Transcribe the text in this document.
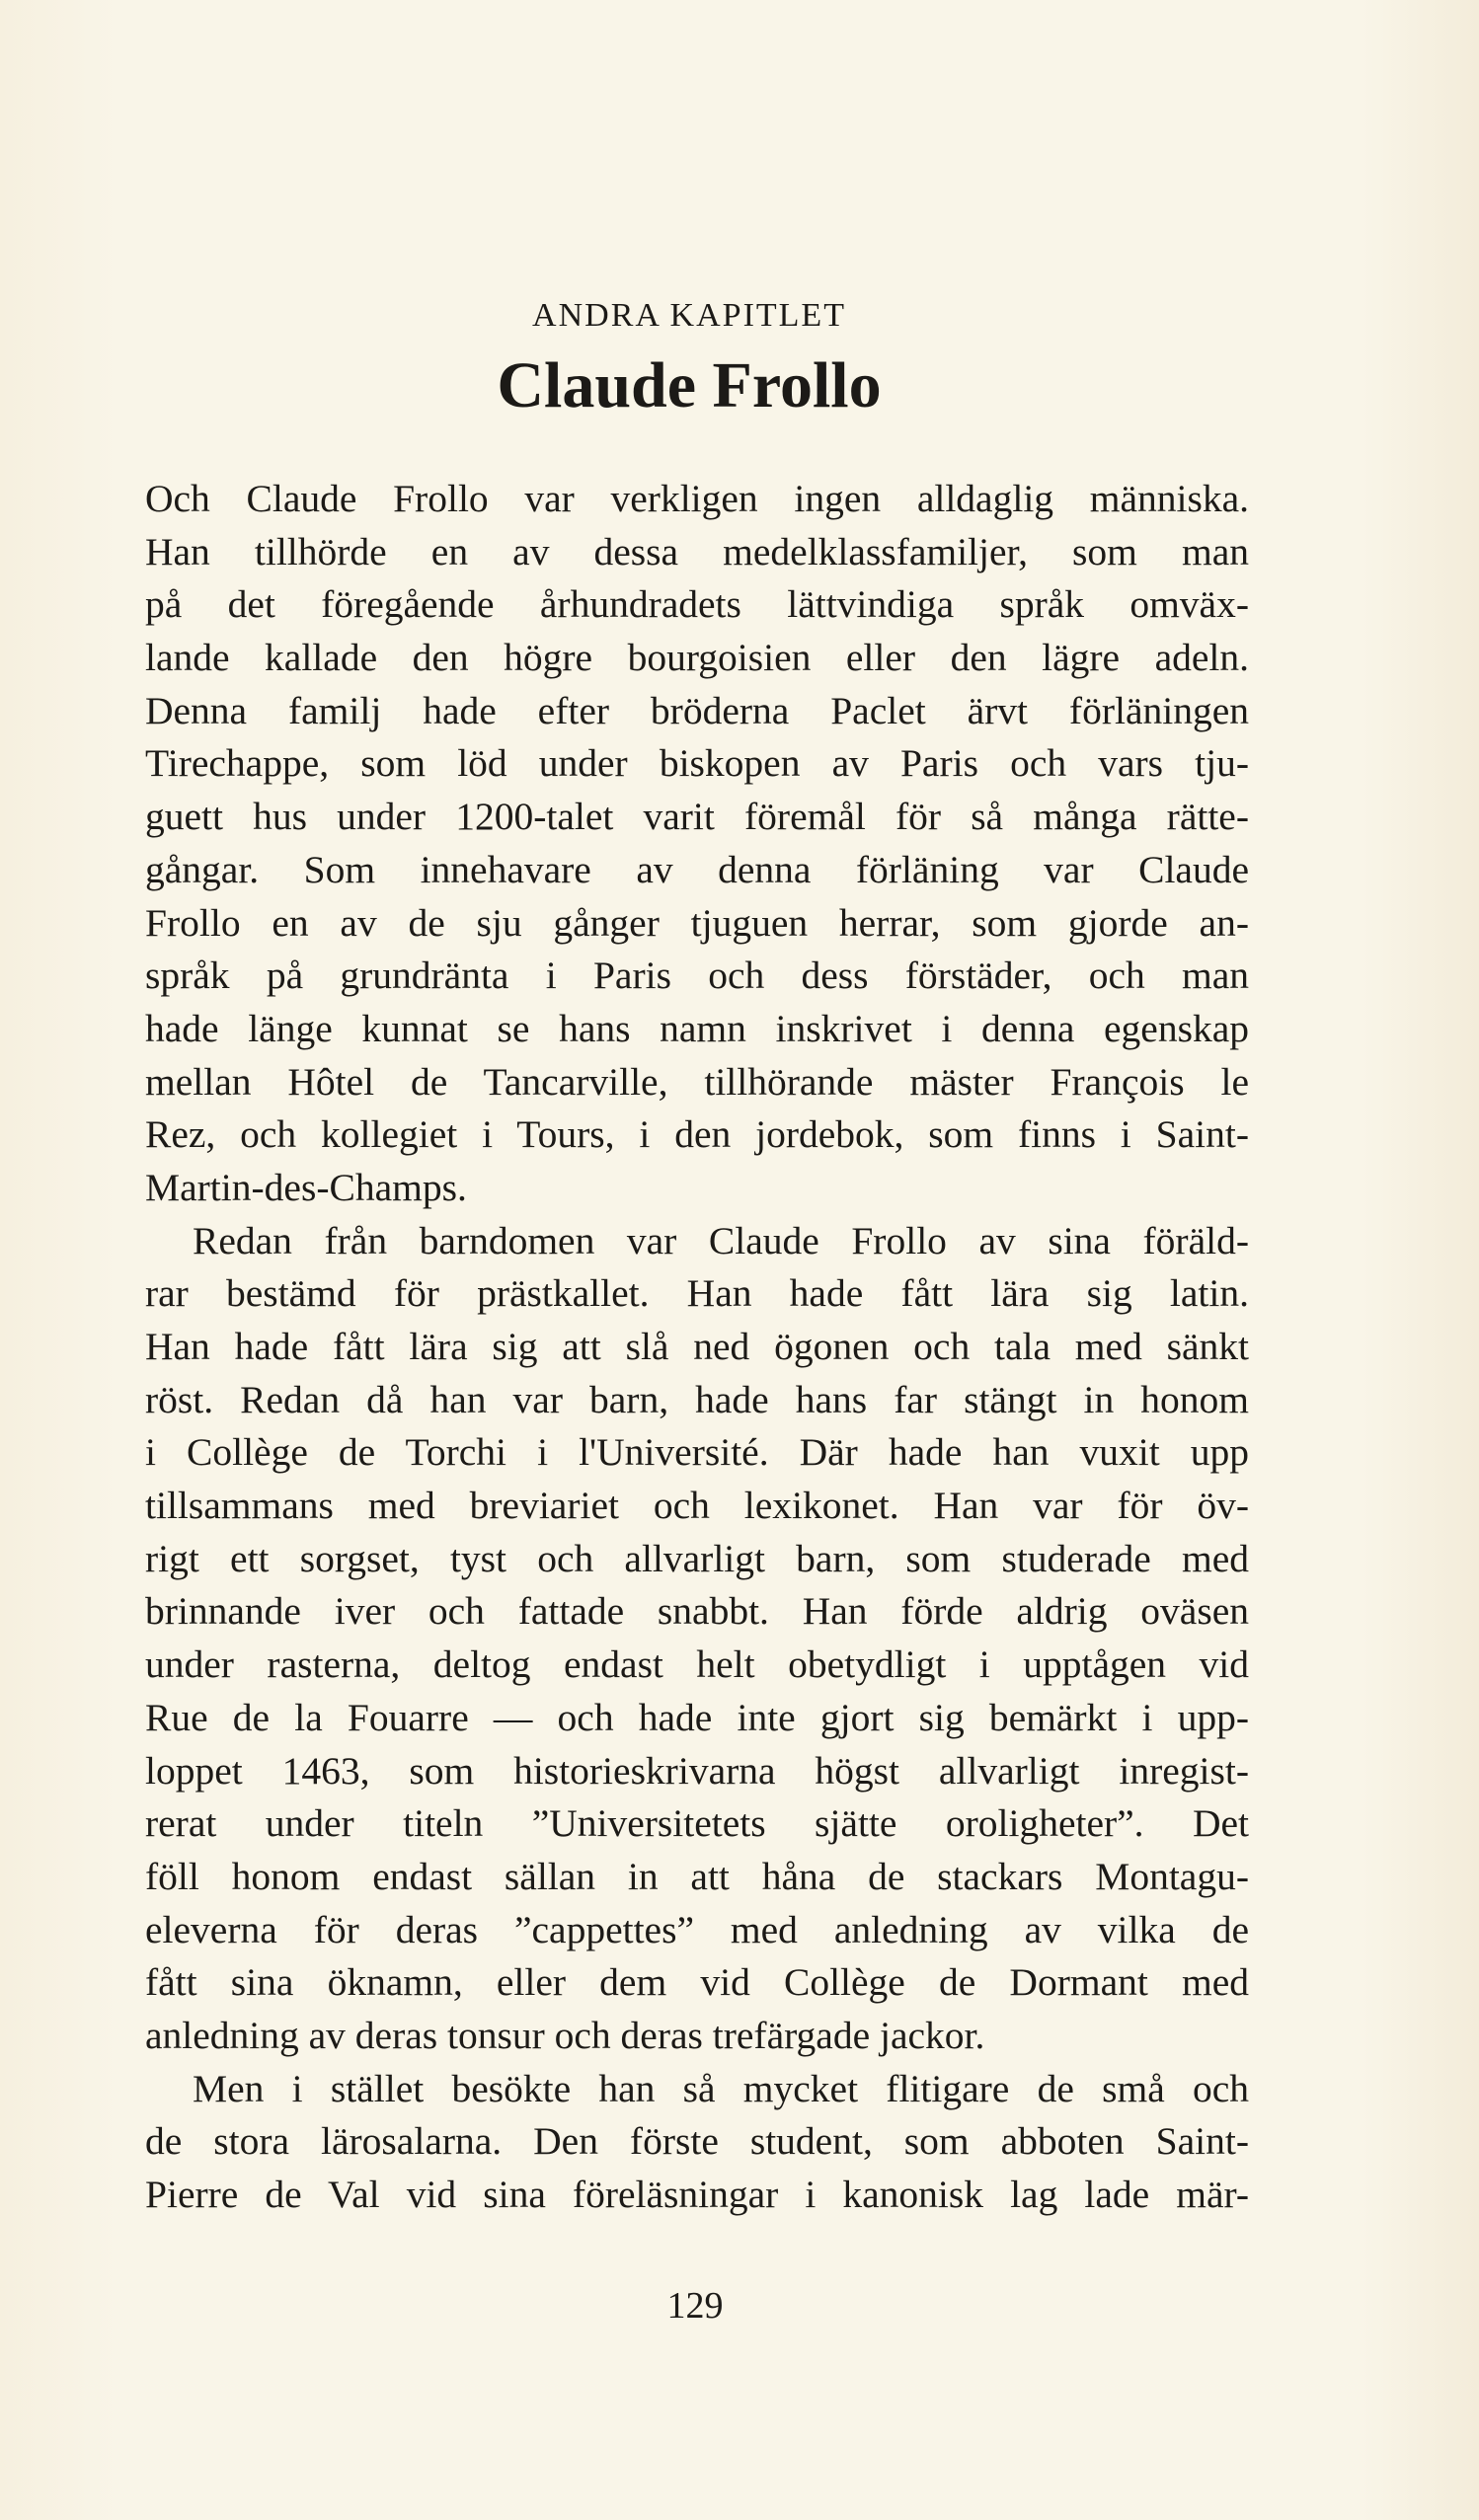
ANDRA KAPITLET
Claude Frollo
Och Claude Frollo var verkligen ingen alldaglig människa.
Han tillhörde en av dessa medelklassfamiljer, som man
på det föregående århundradets lättvindiga språk omväx-
lande kallade den högre bourgoisien eller den lägre adeln.
Denna familj hade efter bröderna Paclet ärvt förläningen
Tirechappe, som löd under biskopen av Paris och vars tju-
guett hus under 1200-talet varit föremål för så många rätte-
gångar. Som innehavare av denna förläning var Claude
Frollo en av de sju gånger tjuguen herrar, som gjorde an-
språk på grundränta i Paris och dess förstäder, och man
hade länge kunnat se hans namn inskrivet i denna egenskap
mellan Hôtel de Tancarville, tillhörande mäster François le
Rez, och kollegiet i Tours, i den jordebok, som finns i Saint-
Martin-des-Champs.
Redan från barndomen var Claude Frollo av sina föräld-
rar bestämd för prästkallet. Han hade fått lära sig latin.
Han hade fått lära sig att slå ned ögonen och tala med sänkt
röst. Redan då han var barn, hade hans far stängt in honom
i Collège de Torchi i l'Université. Där hade han vuxit upp
tillsammans med breviariet och lexikonet. Han var för öv-
rigt ett sorgset, tyst och allvarligt barn, som studerade med
brinnande iver och fattade snabbt. Han förde aldrig oväsen
under rasterna, deltog endast helt obetydligt i upptågen vid
Rue de la Fouarre — och hade inte gjort sig bemärkt i upp-
loppet 1463, som historieskrivarna högst allvarligt inregist-
rerat under titeln ”Universitetets sjätte oroligheter”. Det
föll honom endast sällan in att håna de stackars Montagu-
eleverna för deras ”cappettes” med anledning av vilka de
fått sina öknamn, eller dem vid Collège de Dormant med
anledning av deras tonsur och deras trefärgade jackor.
Men i stället besökte han så mycket flitigare de små och
de stora lärosalarna. Den förste student, som abboten Saint-
Pierre de Val vid sina föreläsningar i kanonisk lag lade mär-
129
